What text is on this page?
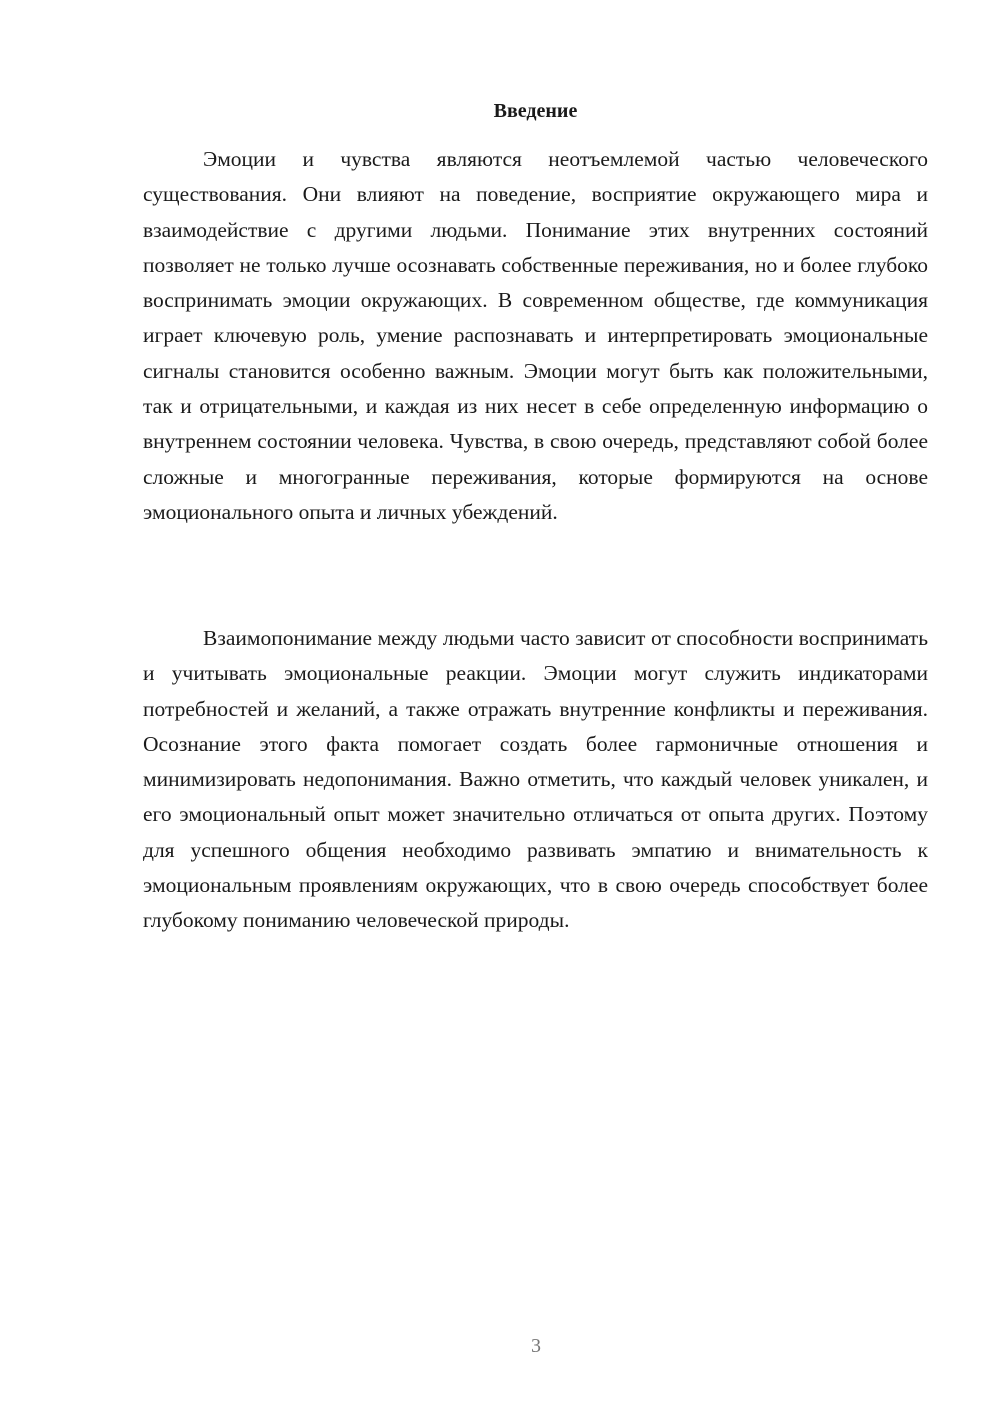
Введение

Эмоции и чувства являются неотъемлемой частью человеческого существования. Они влияют на поведение, восприятие окружающего мира и взаимодействие с другими людьми. Понимание этих внутренних состояний позволяет не только лучше осознавать собственные переживания, но и более глубоко воспринимать эмоции окружающих. В современном обществе, где коммуникация играет ключевую роль, умение распознавать и интерпретировать эмоциональные сигналы становится особенно важным. Эмоции могут быть как положительными, так и отрицательными, и каждая из них несет в себе определенную информацию о внутреннем состоянии человека. Чувства, в свою очередь, представляют собой более сложные и многогранные переживания, которые формируются на основе эмоционального опыта и личных убеждений.

Взаимопонимание между людьми часто зависит от способности воспринимать и учитывать эмоциональные реакции. Эмоции могут служить индикаторами потребностей и желаний, а также отражать внутренние конфликты и переживания. Осознание этого факта помогает создать более гармоничные отношения и минимизировать недопонимания. Важно отметить, что каждый человек уникален, и его эмоциональный опыт может значительно отличаться от опыта других. Поэтому для успешного общения необходимо развивать эмпатию и внимательность к эмоциональным проявлениям окружающих, что в свою очередь способствует более глубокому пониманию человеческой природы.

3
